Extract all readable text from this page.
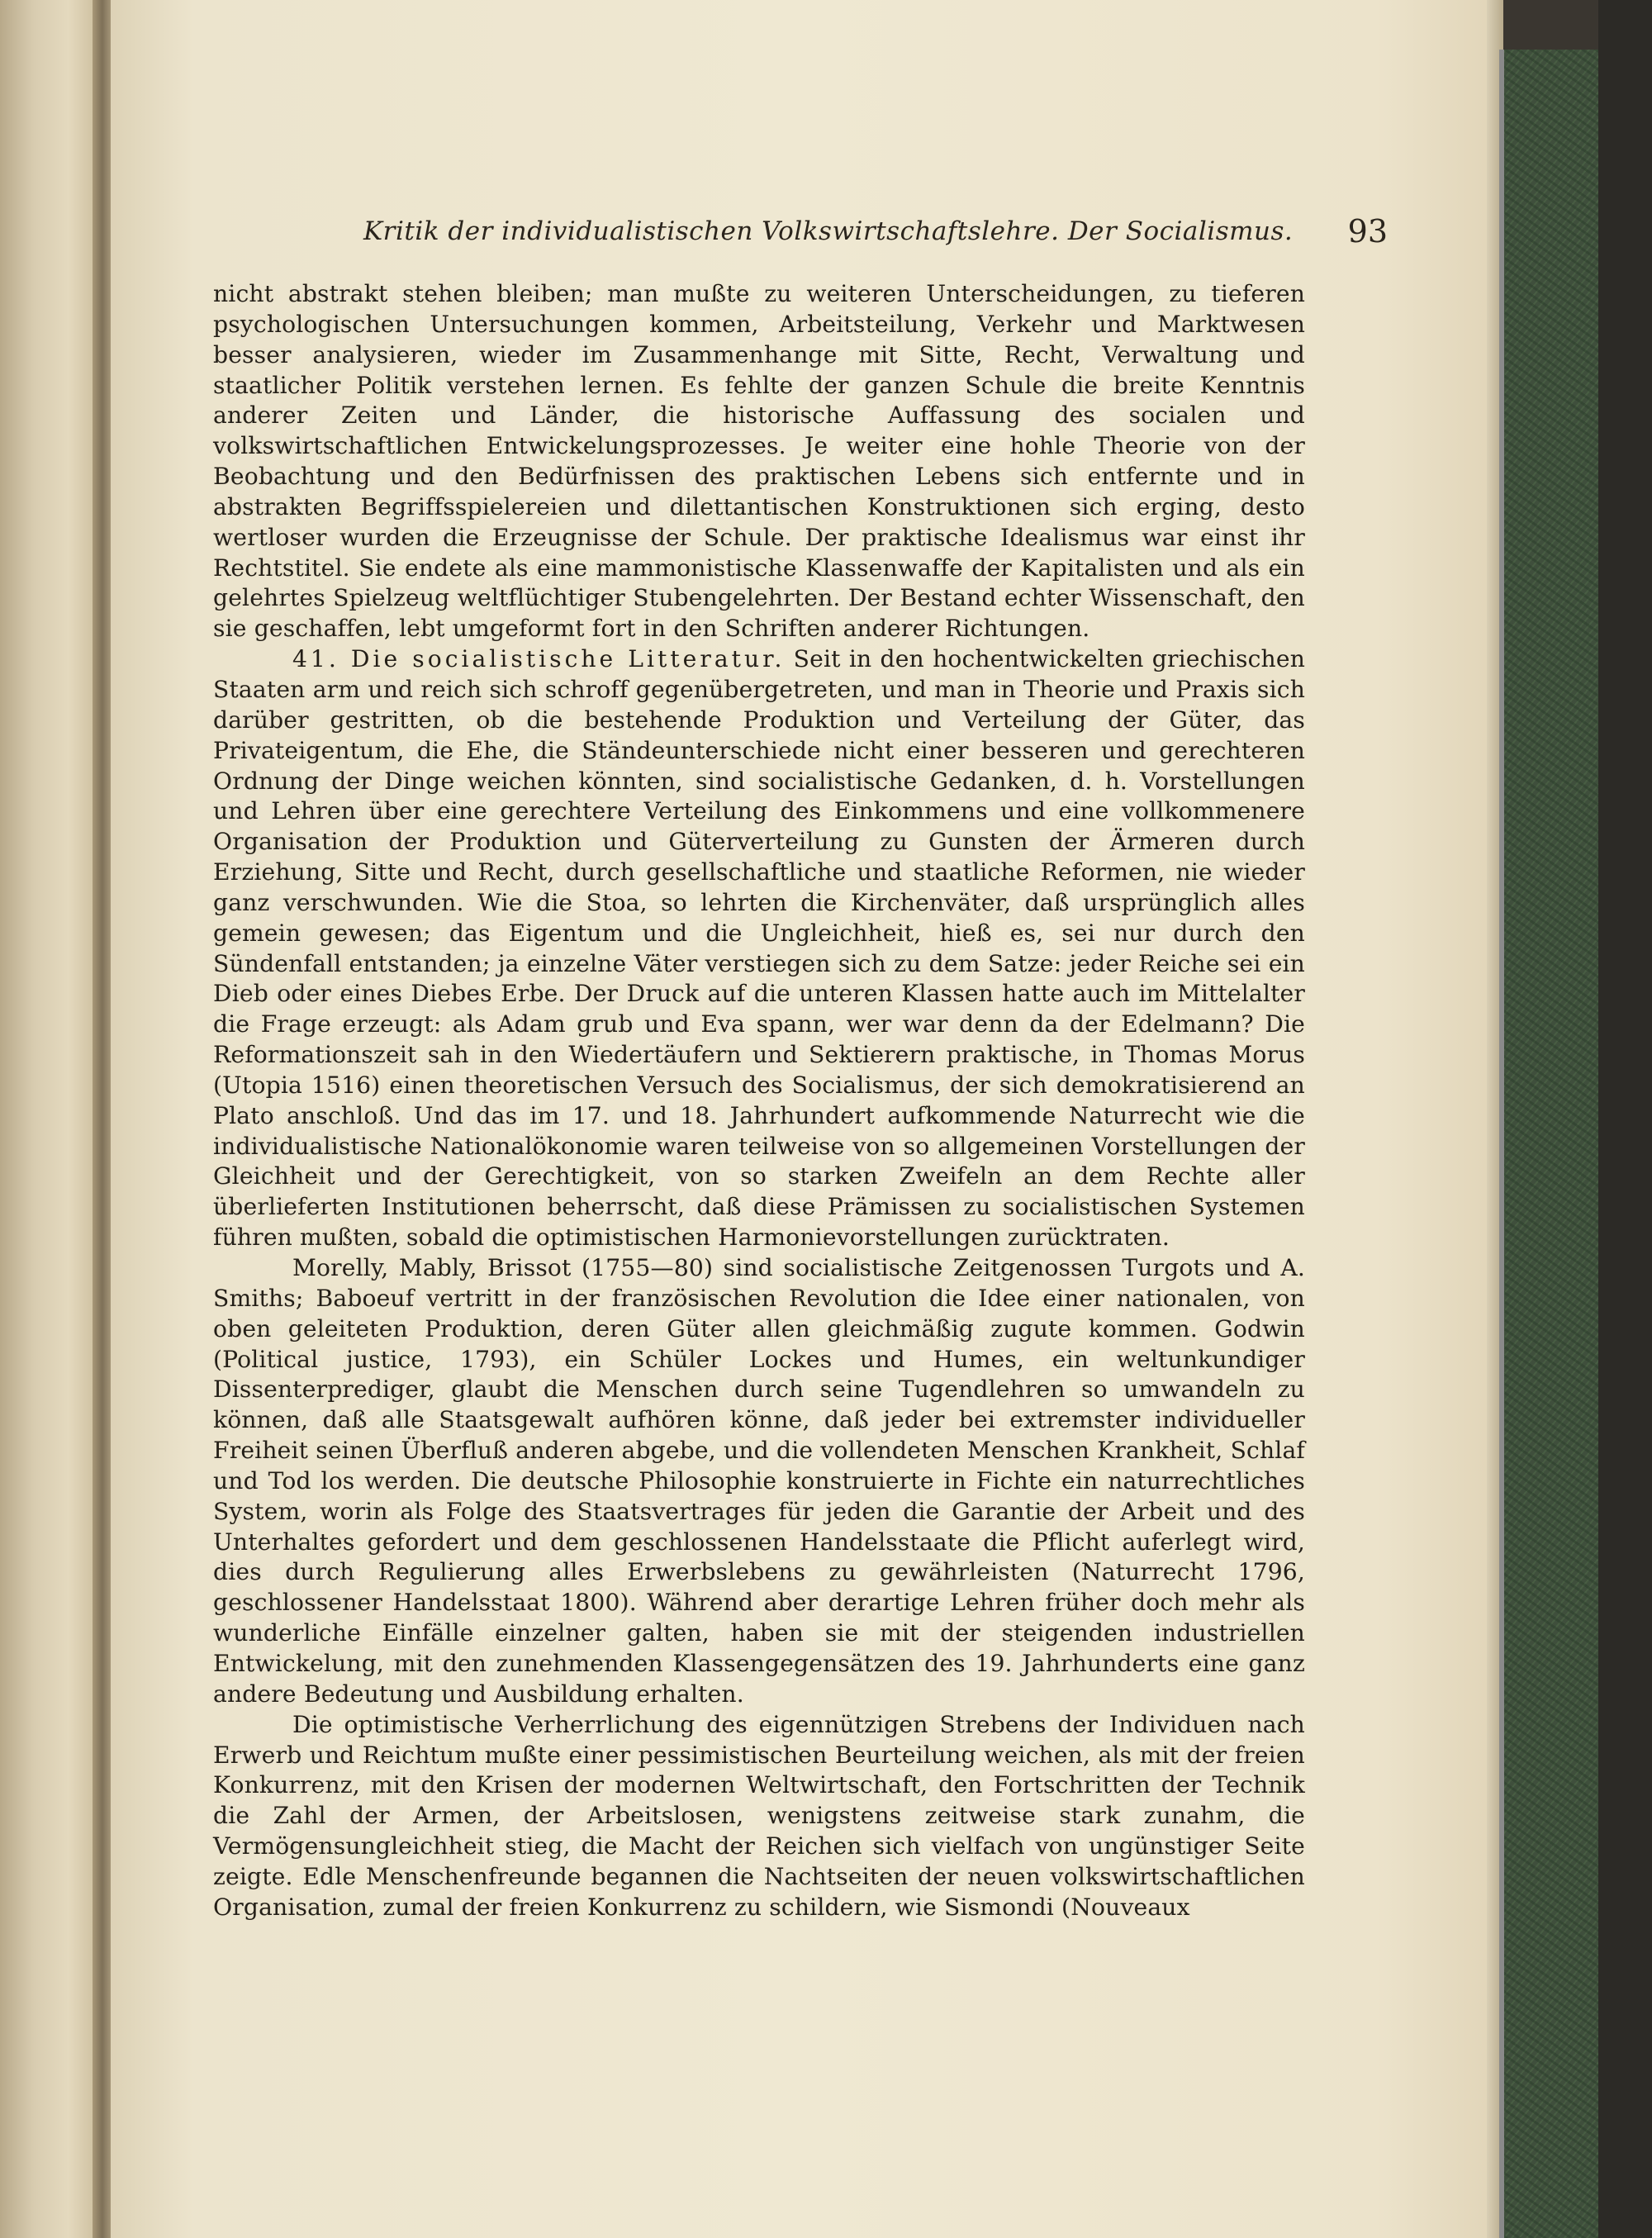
Kritik der individualistischen Volkswirtschaftslehre. Der Socialismus. 93

nicht abstrakt stehen bleiben; man mußte zu weiteren Unterscheidungen, zu tieferen psychologischen Untersuchungen kommen, Arbeitsteilung, Verkehr und Marktwesen besser analysieren, wieder im Zusammenhange mit Sitte, Recht, Verwaltung und staatlicher Politik verstehen lernen. Es fehlte der ganzen Schule die breite Kenntnis anderer Zeiten und Länder, die historische Auffassung des socialen und volkswirtschaftlichen Entwickelungsprozesses. Je weiter eine hohle Theorie von der Beobachtung und den Bedürfnissen des praktischen Lebens sich entfernte und in abstrakten Begriffsspielereien und dilettantischen Konstruktionen sich erging, desto wertloser wurden die Erzeugnisse der Schule. Der praktische Idealismus war einst ihr Rechtstitel. Sie endete als eine mammonistische Klassenwaffe der Kapitalisten und als ein gelehrtes Spielzeug weltflüchtiger Stubengelehrten. Der Bestand echter Wissenschaft, den sie geschaffen, lebt umgeformt fort in den Schriften anderer Richtungen.

41. Die socialistische Litteratur. Seit in den hochentwickelten griechischen Staaten arm und reich sich schroff gegenübergetreten, und man in Theorie und Praxis sich darüber gestritten, ob die bestehende Produktion und Verteilung der Güter, das Privateigentum, die Ehe, die Ständeunterschiede nicht einer besseren und gerechteren Ordnung der Dinge weichen könnten, sind socialistische Gedanken, d. h. Vorstellungen und Lehren über eine gerechtere Verteilung des Einkommens und eine vollkommenere Organisation der Produktion und Güterverteilung zu Gunsten der Ärmeren durch Erziehung, Sitte und Recht, durch gesellschaftliche und staatliche Reformen, nie wieder ganz verschwunden. Wie die Stoa, so lehrten die Kirchenväter, daß ursprünglich alles gemein gewesen; das Eigentum und die Ungleichheit, hieß es, sei nur durch den Sündenfall entstanden; ja einzelne Väter verstiegen sich zu dem Satze: jeder Reiche sei ein Dieb oder eines Diebes Erbe. Der Druck auf die unteren Klassen hatte auch im Mittelalter die Frage erzeugt: als Adam grub und Eva spann, wer war denn da der Edelmann? Die Reformationszeit sah in den Wiedertäufern und Sektierern praktische, in Thomas Morus (Utopia 1516) einen theoretischen Versuch des Socialismus, der sich demokratisierend an Plato anschloß. Und das im 17. und 18. Jahrhundert aufkommende Naturrecht wie die individualistische Nationalökonomie waren teilweise von so allgemeinen Vorstellungen der Gleichheit und der Gerechtigkeit, von so starken Zweifeln an dem Rechte aller überlieferten Institutionen beherrscht, daß diese Prämissen zu socialistischen Systemen führen mußten, sobald die optimistischen Harmonievorstellungen zurücktraten.

Morelly, Mably, Brissot (1755—80) sind socialistische Zeitgenossen Turgots und A. Smiths; Baboeuf vertritt in der französischen Revolution die Idee einer nationalen, von oben geleiteten Produktion, deren Güter allen gleichmäßig zugute kommen. Godwin (Political justice, 1793), ein Schüler Lockes und Humes, ein weltunkundiger Dissenterprediger, glaubt die Menschen durch seine Tugendlehren so umwandeln zu können, daß alle Staatsgewalt aufhören könne, daß jeder bei extremster individueller Freiheit seinen Überfluß anderen abgebe, und die vollendeten Menschen Krankheit, Schlaf und Tod los werden. Die deutsche Philosophie konstruierte in Fichte ein naturrechtliches System, worin als Folge des Staatsvertrages für jeden die Garantie der Arbeit und des Unterhaltes gefordert und dem geschlossenen Handelsstaate die Pflicht auferlegt wird, dies durch Regulierung alles Erwerbslebens zu gewährleisten (Naturrecht 1796, geschlossener Handelsstaat 1800). Während aber derartige Lehren früher doch mehr als wunderliche Einfälle einzelner galten, haben sie mit der steigenden industriellen Entwickelung, mit den zunehmenden Klassengegensätzen des 19. Jahrhunderts eine ganz andere Bedeutung und Ausbildung erhalten.

Die optimistische Verherrlichung des eigennützigen Strebens der Individuen nach Erwerb und Reichtum mußte einer pessimistischen Beurteilung weichen, als mit der freien Konkurrenz, mit den Krisen der modernen Weltwirtschaft, den Fortschritten der Technik die Zahl der Armen, der Arbeitslosen, wenigstens zeitweise stark zunahm, die Vermögensungleichheit stieg, die Macht der Reichen sich vielfach von ungünstiger Seite zeigte. Edle Menschenfreunde begannen die Nachtseiten der neuen volkswirtschaftlichen Organisation, zumal der freien Konkurrenz zu schildern, wie Sismondi (Nouveaux
